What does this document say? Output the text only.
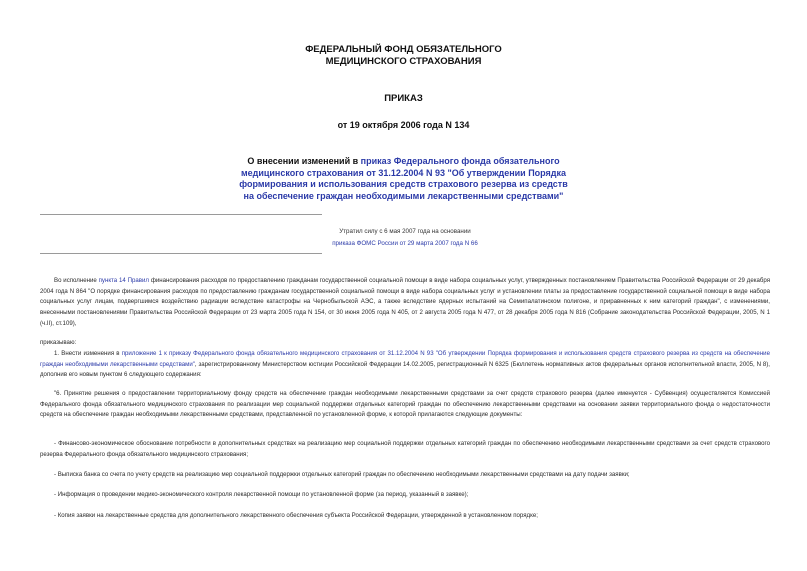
ФЕДЕРАЛЬНЫЙ ФОНД ОБЯЗАТЕЛЬНОГО
МЕДИЦИНСКОГО СТРАХОВАНИЯ
ПРИКАЗ
от 19 октября 2006 года N 134
О внесении изменений в приказ Федерального фонда обязательного
медицинского страхования от 31.12.2004 N 93 "Об утверждении Порядка
формирования и использования средств страхового резерва из средств
на обеспечение граждан необходимыми лекарственными средствами"
Утратил силу с 6 мая 2007 года на основании
приказа ФОМС России от 29 марта 2007 года N 66
Во исполнение пункта 14 Правил финансирования расходов по предоставлению гражданам государственной социальной помощи в виде набора социальных услуг, утвержденных постановлением Правительства Российской Федерации от 29 декабря 2004 года N 864 "О порядке финансирования расходов по предоставлению гражданам государственной социальной помощи в виде набора социальных услуг и установлении платы за предоставление государственной социальной помощи в виде набора социальных услуг лицам, подвергшимся воздействию радиации вследствие катастрофы на Чернобыльской АЭС, а также вследствие ядерных испытаний на Семипалатинском полигоне, и приравненных к ним категорий граждан", с изменениями, внесенными постановлениями Правительства Российской Федерации от 23 марта 2005 года N 154, от 30 июня 2005 года N 405, от 2 августа 2005 года N 477, от 28 декабря 2005 года N 816 (Собрание законодательства Российской Федерации, 2005, N 1 (ч.II), ст.109),
приказываю:
1. Внести изменения в приложение 1 к приказу Федерального фонда обязательного медицинского страхования от 31.12.2004 N 93 "Об утверждении Порядка формирования и использования средств страхового резерва из средств на обеспечение граждан необходимыми лекарственными средствами", зарегистрированному Министерством юстиции Российской Федерации 14.02.2005, регистрационный N 6325 (Бюллетень нормативных актов федеральных органов исполнительной власти, 2005, N 8), дополнив его новым пунктом 6 следующего содержания:
"6. Принятие решения о предоставлении территориальному фонду средств на обеспечение граждан необходимыми лекарственными средствами за счет средств страхового резерва (далее именуется - Субвенция) осуществляется Комиссией Федерального фонда обязательного медицинского страхования по реализации мер социальной поддержки отдельных категорий граждан по обеспечению лекарственными средствами на основании заявки территориального фонда о недостаточности средств на обеспечение граждан необходимыми лекарственными средствами, представленной по установленной форме, к которой прилагаются следующие документы:
- Финансово-экономическое обоснование потребности в дополнительных средствах на реализацию мер социальной поддержки отдельных категорий граждан по обеспечению необходимыми лекарственными средствами за счет средств страхового резерва Федерального фонда обязательного медицинского страхования;
- Выписка банка со счета по учету средств на реализацию мер социальной поддержки отдельных категорий граждан по обеспечению необходимыми лекарственными средствами на дату подачи заявки;
- Информация о проведении медико-экономического контроля лекарственной помощи по установленной форме (за период, указанный в заявке);
- Копия заявки на лекарственные средства для дополнительного лекарственного обеспечения субъекта Российской Федерации, утвержденной в установленном порядке;
